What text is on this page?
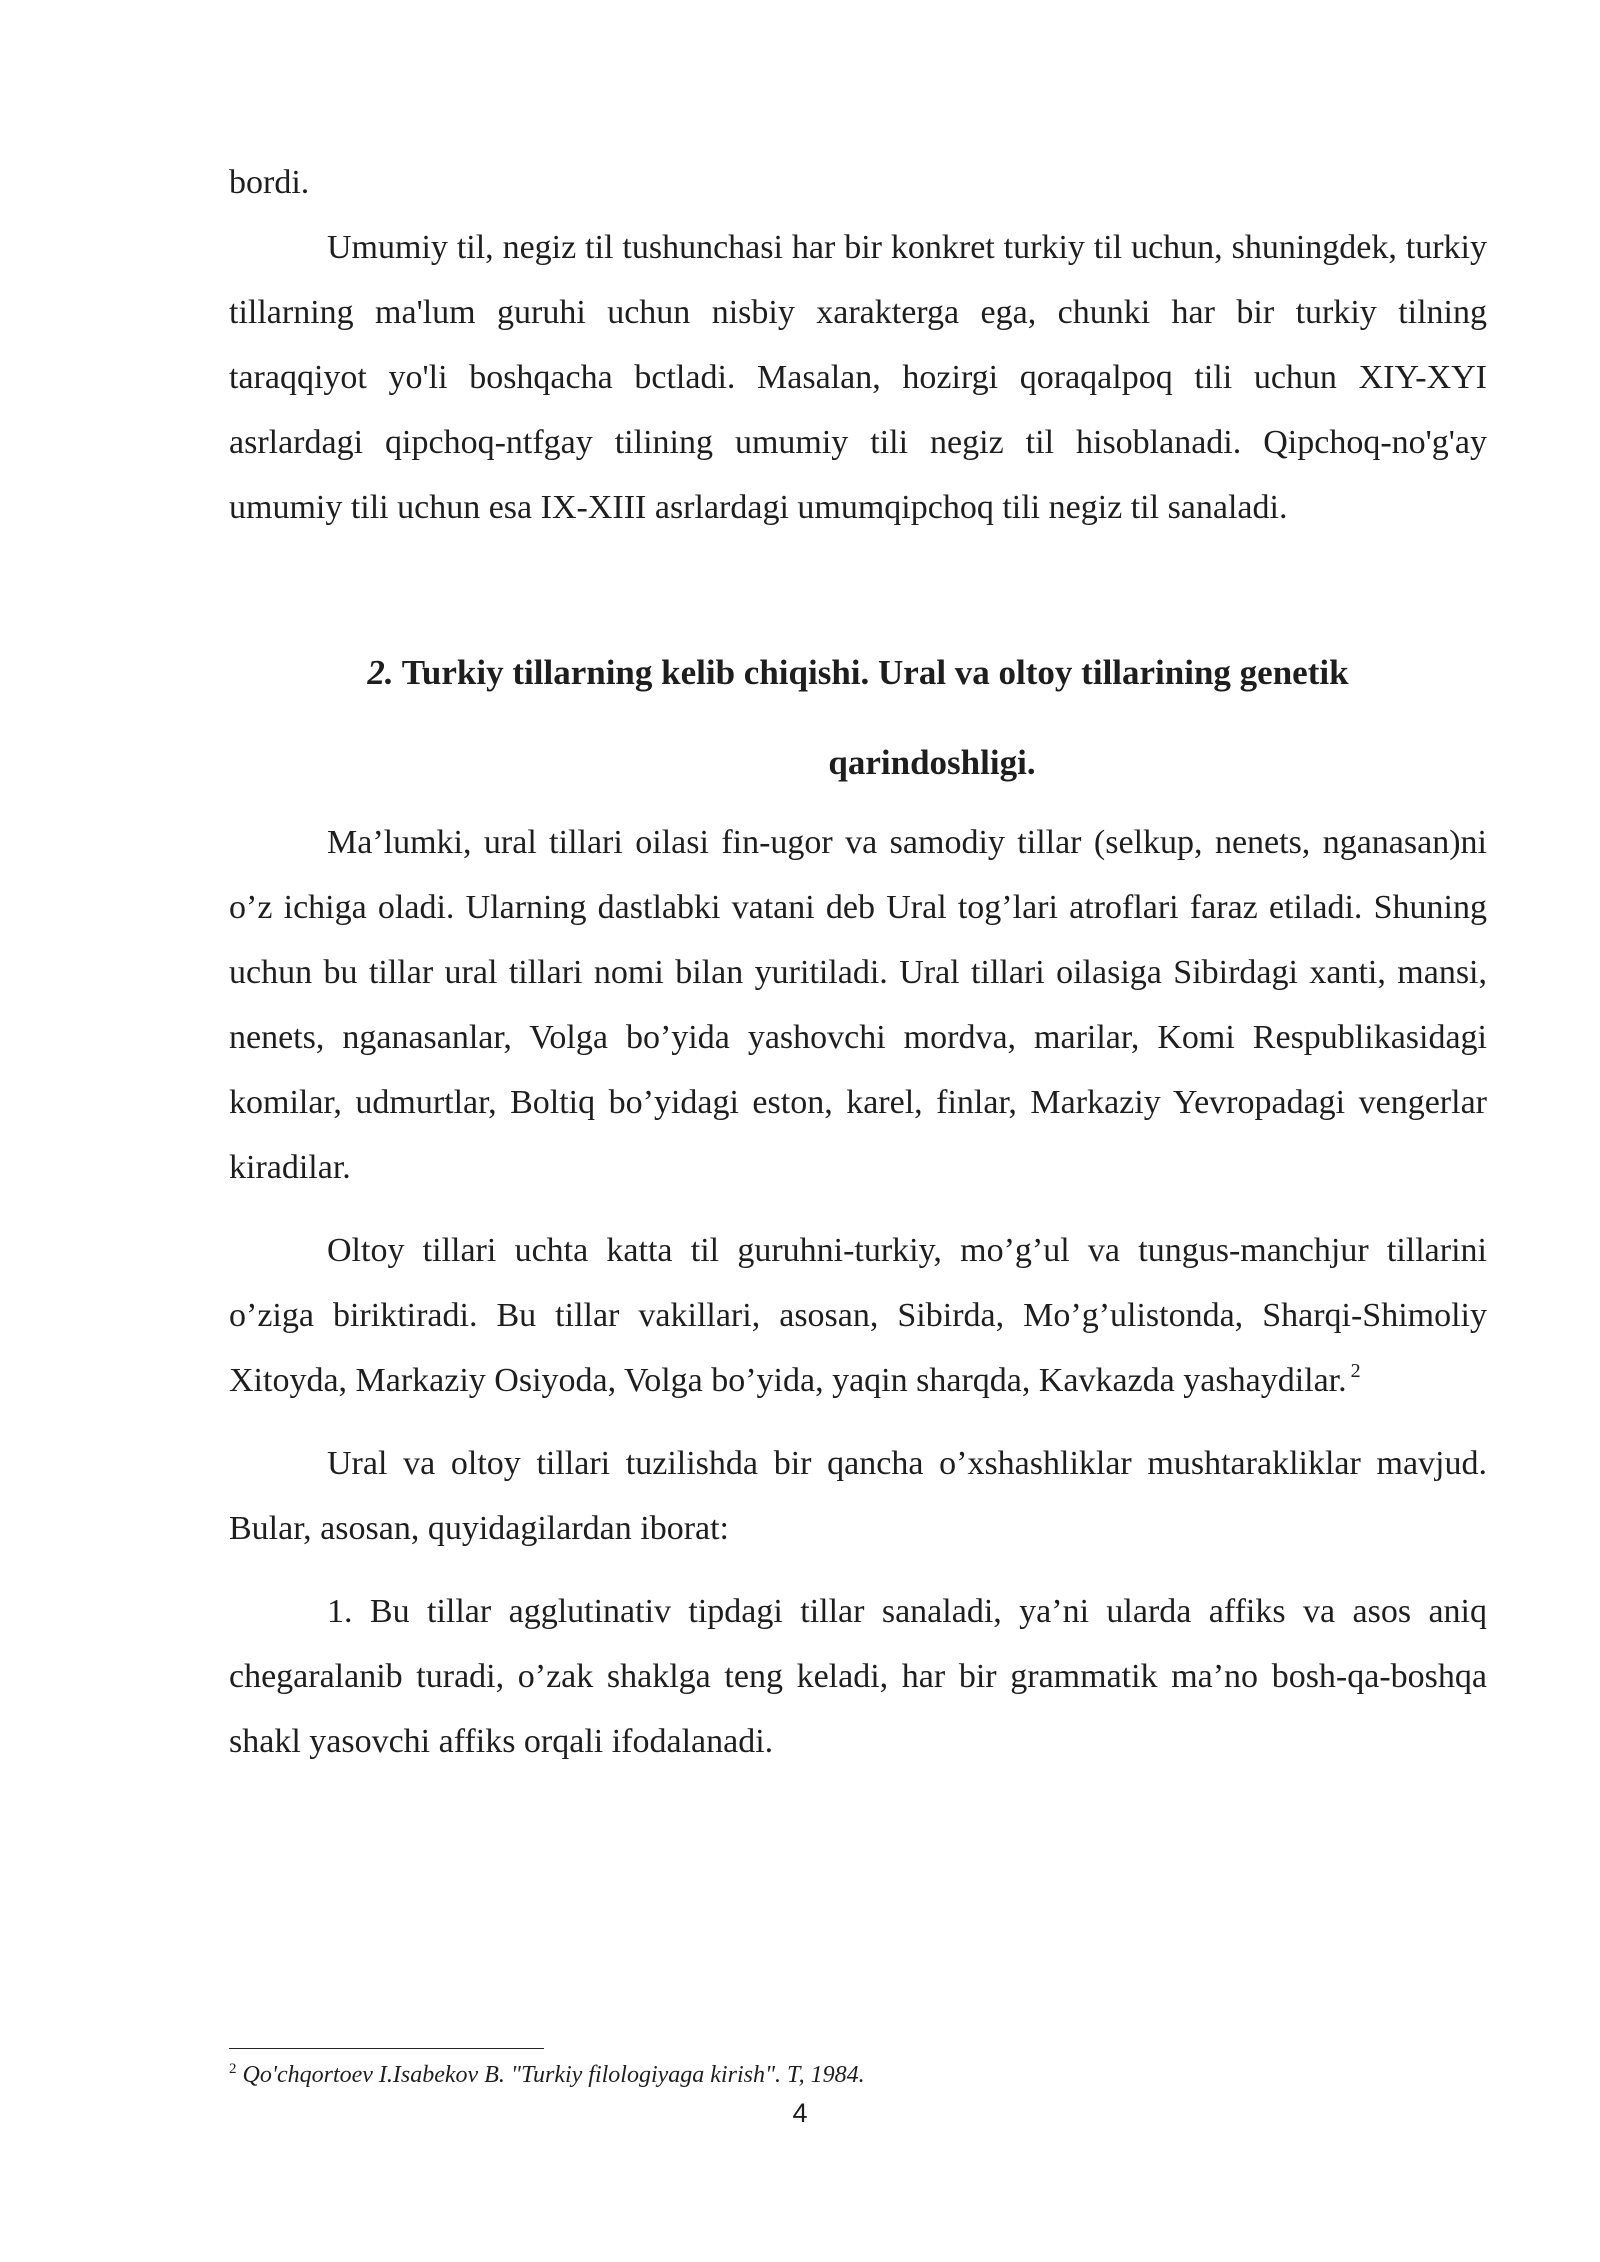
bordi.

Umumiy til, negiz til tushunchasi har bir konkret turkiy til uchun, shuningdek, turkiy tillarning ma'lum guruhi uchun nisbiy xarakterga ega, chunki har bir turkiy tilning taraqqiyot yo'li boshqacha bctladi. Masalan, hozirgi qoraqalpoq tili uchun XIY-XYI asrlardagi qipchoq-ntfgay tilining umumiy tili negiz til hisoblanadi. Qipchoq-no'g'ay umumiy tili uchun esa IX-XIII asrlardagi umumqipchoq tili negiz til sanaladi.

2. Turkiy tillarning kelib chiqishi. Ural va oltoy tillarining genetik
qarindoshligi.

Ma’lumki, ural tillari oilasi fin-ugor va samodiy tillar (selkup, nenets, nganasan)ni o’z ichiga oladi. Ularning dastlabki vatani deb Ural tog’lari atroflari faraz etiladi. Shuning uchun bu tillar ural tillari nomi bilan yuritiladi. Ural tillari oilasiga Sibirdagi xanti, mansi, nenets, nganasanlar, Volga bo’yida yashovchi mordva, marilar, Komi Respublikasidagi komilar, udmurtlar, Boltiq bo’yidagi eston, karel, finlar, Markaziy Yevropadagi vengerlar kiradilar.

Oltoy tillari uchta katta til guruhni-turkiy, mo’g’ul va tungus-manchjur tillarini o’ziga biriktiradi. Bu tillar vakillari, asosan, Sibirda, Mo’g’ulistonda, Sharqi-Shimoliy Xitoyda, Markaziy Osiyoda, Volga bo’yida, yaqin sharqda, Kavkazda yashaydilar. $^2$

Ural va oltoy tillari tuzilishda bir qancha o’xshashliklar mushtarakliklar mavjud. Bular, asosan, quyidagilardan iborat:

1. Bu tillar agglutinativ tipdagi tillar sanaladi, ya’ni ularda affiks va asos aniq chegaralanib turadi, o’zak shaklga teng keladi, har bir grammatik ma’no bosh-qa-boshqa shakl yasovchi affiks orqali ifodalanadi.

$^2$ Qo'chqortoev I.Isabekov B. "Turkiy filologiyaga kirish". T, 1984.
4
